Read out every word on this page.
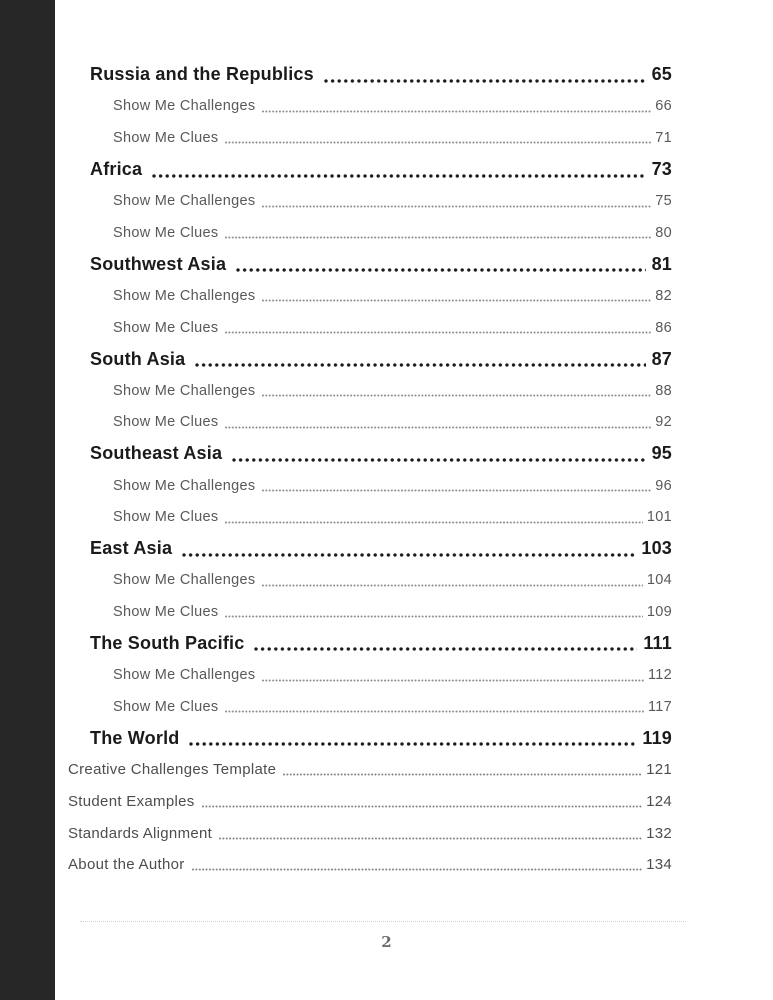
Russia and the Republics	65
Show Me Challenges	66
Show Me Clues	71
Africa	73
Show Me Challenges	75
Show Me Clues	80
Southwest Asia	81
Show Me Challenges	82
Show Me Clues	86
South Asia	87
Show Me Challenges	88
Show Me Clues	92
Southeast Asia	95
Show Me Challenges	96
Show Me Clues	101
East Asia	103
Show Me Challenges	104
Show Me Clues	109
The South Pacific	111
Show Me Challenges	112
Show Me Clues	117
The World	119
Creative Challenges Template	121
Student Examples	124
Standards Alignment	132
About the Author	134
2
